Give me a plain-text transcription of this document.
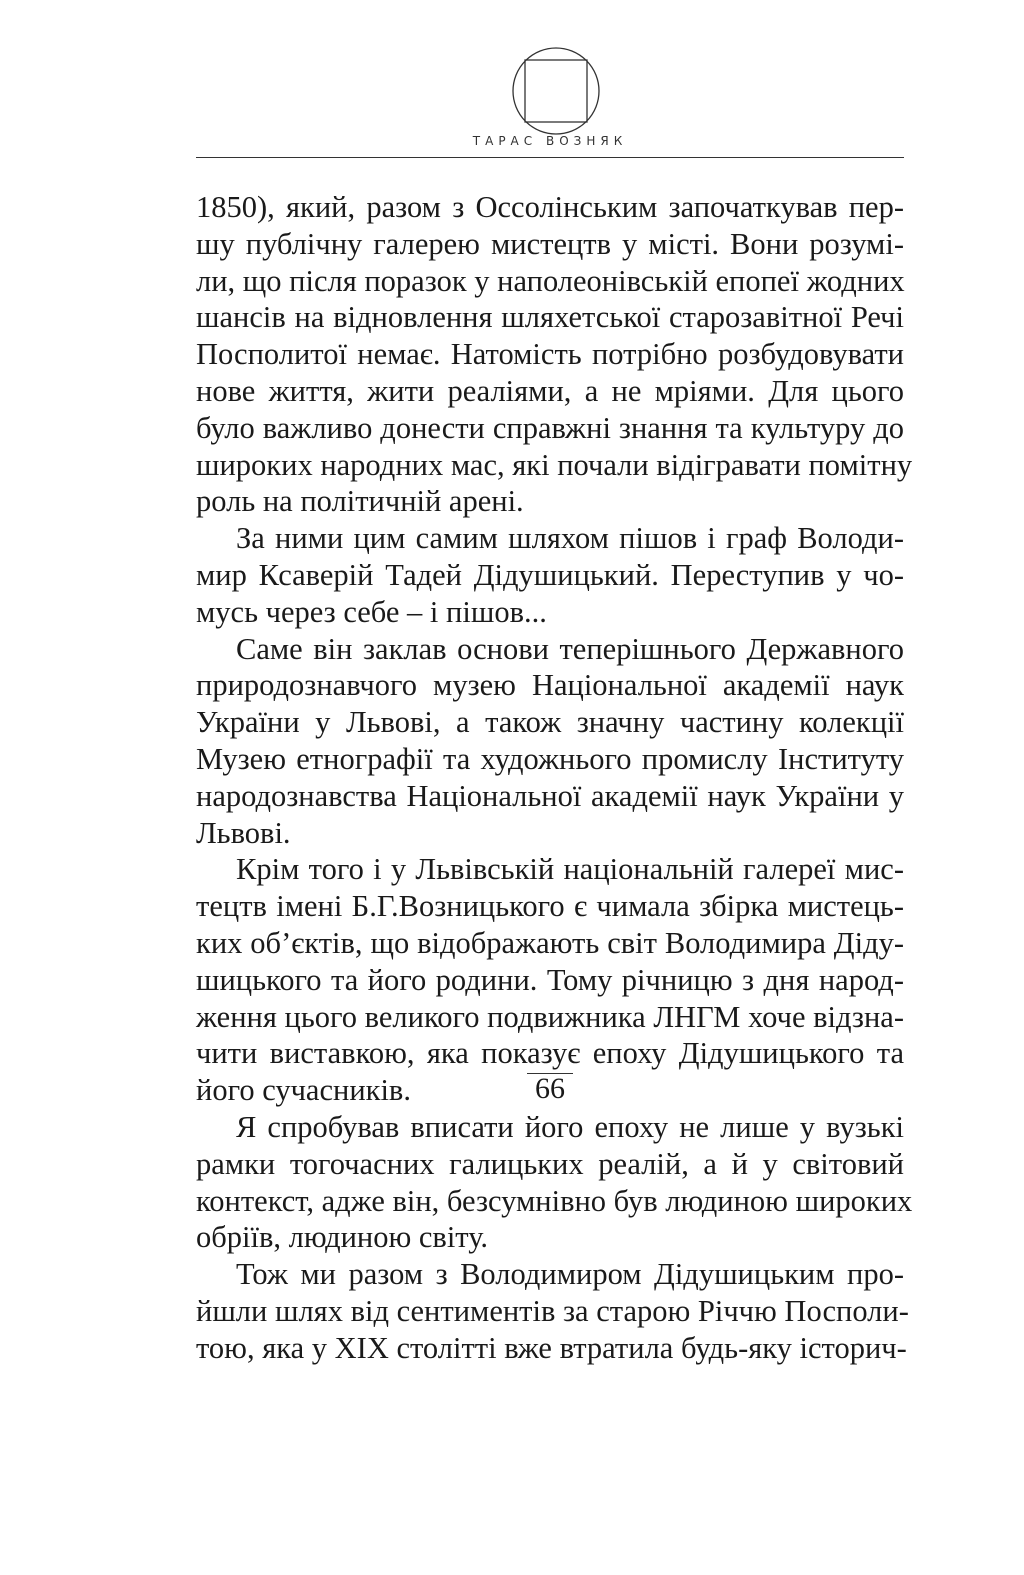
ТАРАС ВОЗНЯК
1850), який, разом з Оссолінським започаткував пер-
шу публічну галерею мистецтв у місті. Вони розумі-
ли, що після поразок у наполеонівській епопеї жодних
шансів на відновлення шляхетської старозавітної Речі
Посполитої немає. Натомість потрібно розбудовувати
нове життя, жити реаліями, а не мріями. Для цього
було важливо донести справжні знання та культуру до
широких народних мас, які почали відігравати помітну
роль на політичній арені.
За ними цим самим шляхом пішов і граф Володи-
мир Ксаверій Тадей Дідушицький. Переступив у чо-
мусь через себе – і пішов...
Саме він заклав основи теперішнього Державного
природознавчого музею Національної академії наук
України у Львові, а також значну частину колекції
Музею етнографії та художнього промислу Інституту
народознавства Національної академії наук України у
Львові.
Крім того і у Львівській національній галереї мис-
тецтв імені Б.Г.Возницького є чимала збірка мистець-
ких об’єктів, що відображають світ Володимира Діду-
шицького та його родини. Тому річницю з дня народ-
ження цього великого подвижника ЛНГМ хоче відзна-
чити виставкою, яка показує епоху Дідушицького та
його сучасників.
Я спробував вписати його епоху не лише у вузькі
рамки тогочасних галицьких реалій, а й у світовий
контекст, адже він, безсумнівно був людиною широких
обріїв, людиною світу.
Тож ми разом з Володимиром Дідушицьким про-
йшли шлях від сентиментів за старою Річчю Посполи-
тою, яка у ХІХ столітті вже втратила будь-яку історич-
66
